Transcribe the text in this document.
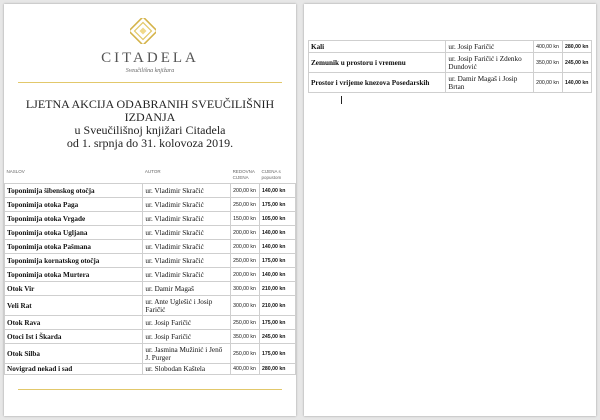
CITADELA
Sveučilišna knjižara
LJETNA AKCIJA ODABRANIH SVEUČILIŠNIH
IZDANJA
u Sveučilišnoj knjižari Citadela
od 1. srpnja do 31. kolovoza 2019.
NASLOV	AUTOR	REDOVNA CIJENA	CIJENA s popustom
Toponimija šibenskog otočja	ur. Vladimir Skračić	200,00 kn	140,00 kn
Toponimija otoka Paga	ur. Vladimir Skračić	250,00 kn	175,00 kn
Toponimija otoka Vrgade	ur. Vladimir Skračić	150,00 kn	105,00 kn
Toponimija otoka Ugljana	ur. Vladimir Skračić	200,00 kn	140,00 kn
Toponimija otoka Pašmana	ur. Vladimir Skračić	200,00 kn	140,00 kn
Toponimija kornatskog otočja	ur. Vladimir Skračić	250,00 kn	175,00 kn
Toponimija otoka Murtera	ur. Vladimir Skračić	200,00 kn	140,00 kn
Otok Vir	ur. Damir Magaš	300,00 kn	210,00 kn
Veli Rat	ur. Ante Uglešić i Josip Faričić	300,00 kn	210,00 kn
Otok Rava	ur. Josip Faričić	250,00 kn	175,00 kn
Otoci Ist i Škarda	ur. Josip Faričić	350,00 kn	245,00 kn
Otok Silba	ur. Jasmina Mužinić i Jenő J. Purger	250,00 kn	175,00 kn
Novigrad nekad i sad	ur. Slobodan Kaštela	400,00 kn	280,00 kn
Kali	ur. Josip Faričić	400,00 kn	280,00 kn
Zemunik u prostoru i vremenu	ur. Josip Faričić i Zdenko Dundović	350,00 kn	245,00 kn
Prostor i vrijeme knezova Posedarskih	ur. Damir Magaš i Josip Brtan	200,00 kn	140,00 kn
